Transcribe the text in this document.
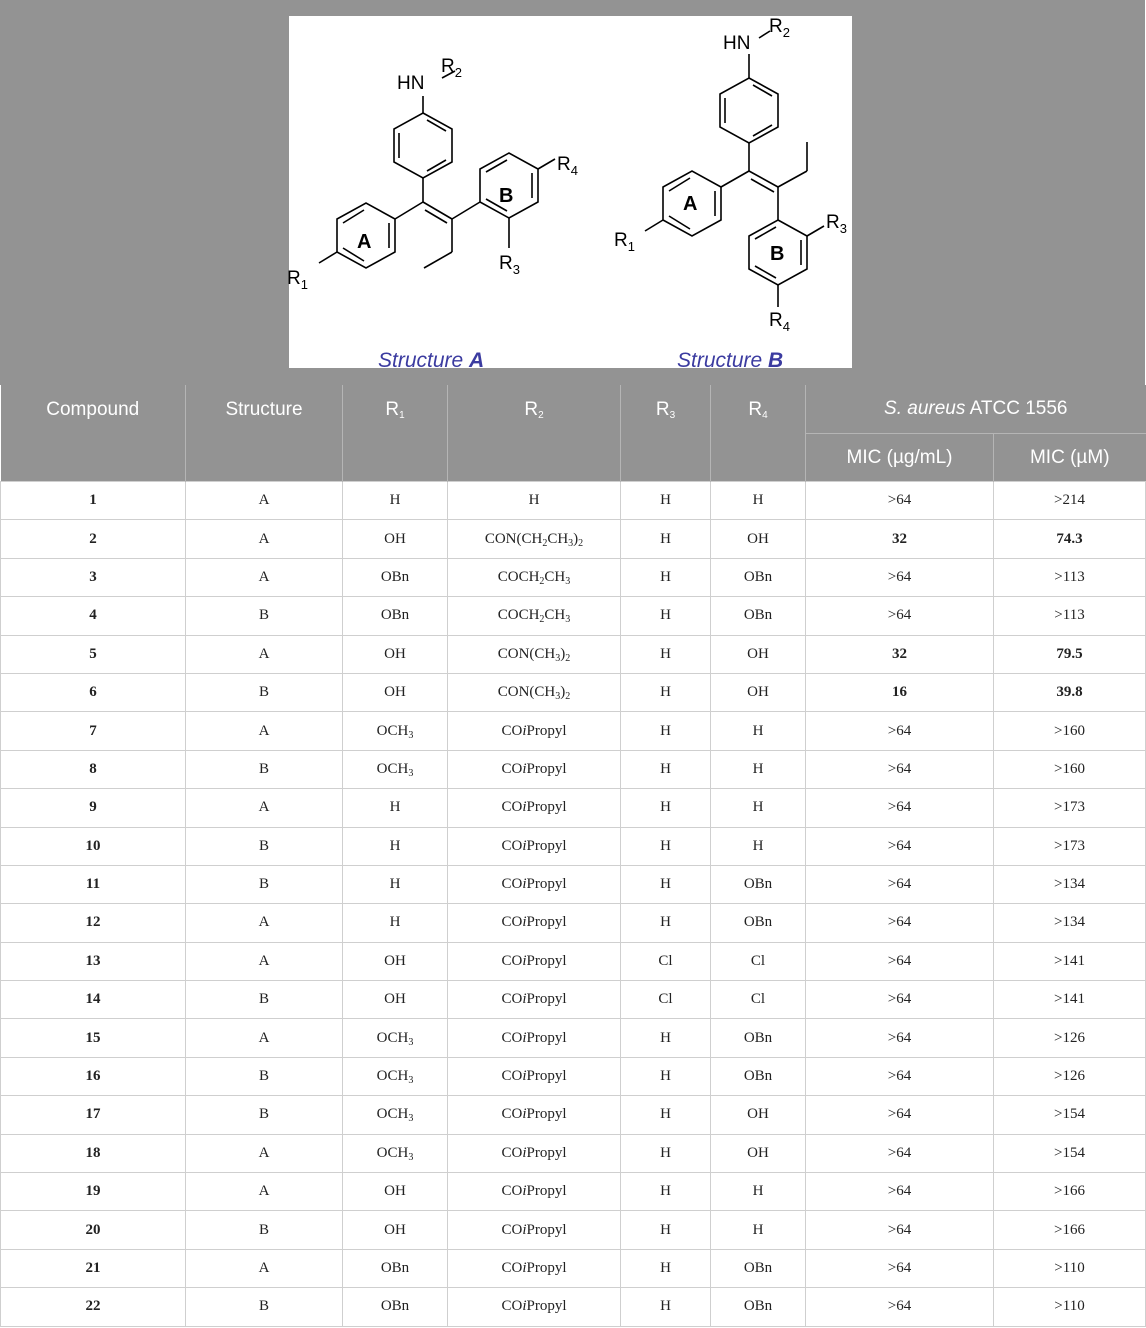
HN
$R_2$
A
B
$R_1$
$R_4$
$R_3$
HN
$R_2$
A
B
$R_1$
$R_3$
$R_4$
Structure A	Structure B
Compound	Structure	$R_1$	$R_2$	$R_3$	$R_4$	S. aureus ATCC 1556	
						MIC (µg/mL)	MIC (µM)
1	A	H	H	H	H	>64	>214
2	A	OH	$CON(CH_2CH_3)_2$	H	OH	32	74.3
3	A	OBn	$COCH_2CH_3$	H	OBn	>64	>113
4	B	OBn	$COCH_2CH_3$	H	OBn	>64	>113
5	A	OH	$CON(CH_3)_2$	H	OH	32	79.5
6	B	OH	$CON(CH_3)_2$	H	OH	16	39.8
7	A	$OCH_3$	COiPropyl	H	H	>64	>160
8	B	$OCH_3$	COiPropyl	H	H	>64	>160
9	A	H	COiPropyl	H	H	>64	>173
10	B	H	COiPropyl	H	H	>64	>173
11	B	H	COiPropyl	H	OBn	>64	>134
12	A	H	COiPropyl	H	OBn	>64	>134
13	A	OH	COiPropyl	Cl	Cl	>64	>141
14	B	OH	COiPropyl	Cl	Cl	>64	>141
15	A	$OCH_3$	COiPropyl	H	OBn	>64	>126
16	B	$OCH_3$	COiPropyl	H	OBn	>64	>126
17	B	$OCH_3$	COiPropyl	H	OH	>64	>154
18	A	$OCH_3$	COiPropyl	H	OH	>64	>154
19	A	OH	COiPropyl	H	H	>64	>166
20	B	OH	COiPropyl	H	H	>64	>166
21	A	OBn	COiPropyl	H	OBn	>64	>110
22	B	OBn	COiPropyl	H	OBn	>64	>110
